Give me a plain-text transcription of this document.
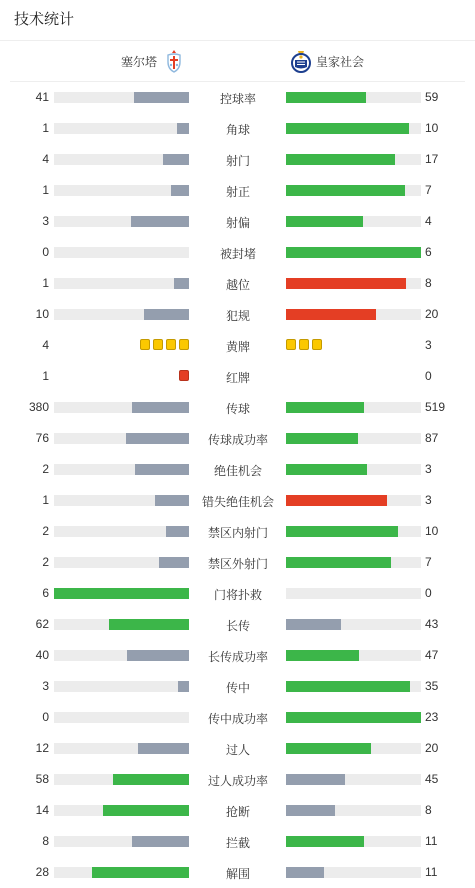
技术统计
塞尔塔	皇家社会
41	控球率	59
1	角球	10
4	射门	17
1	射正	7
3	射偏	4
0	被封堵	6
1	越位	8
10	犯规	20
4	黄牌	3
1	红牌	0
380	传球	519
76	传球成功率	87
2	绝佳机会	3
1	错失绝佳机会	3
2	禁区内射门	10
2	禁区外射门	7
6	门将扑救	0
62	长传	43
40	长传成功率	47
3	传中	35
0	传中成功率	23
12	过人	20
58	过人成功率	45
14	抢断	8
8	拦截	11
28	解围	11
